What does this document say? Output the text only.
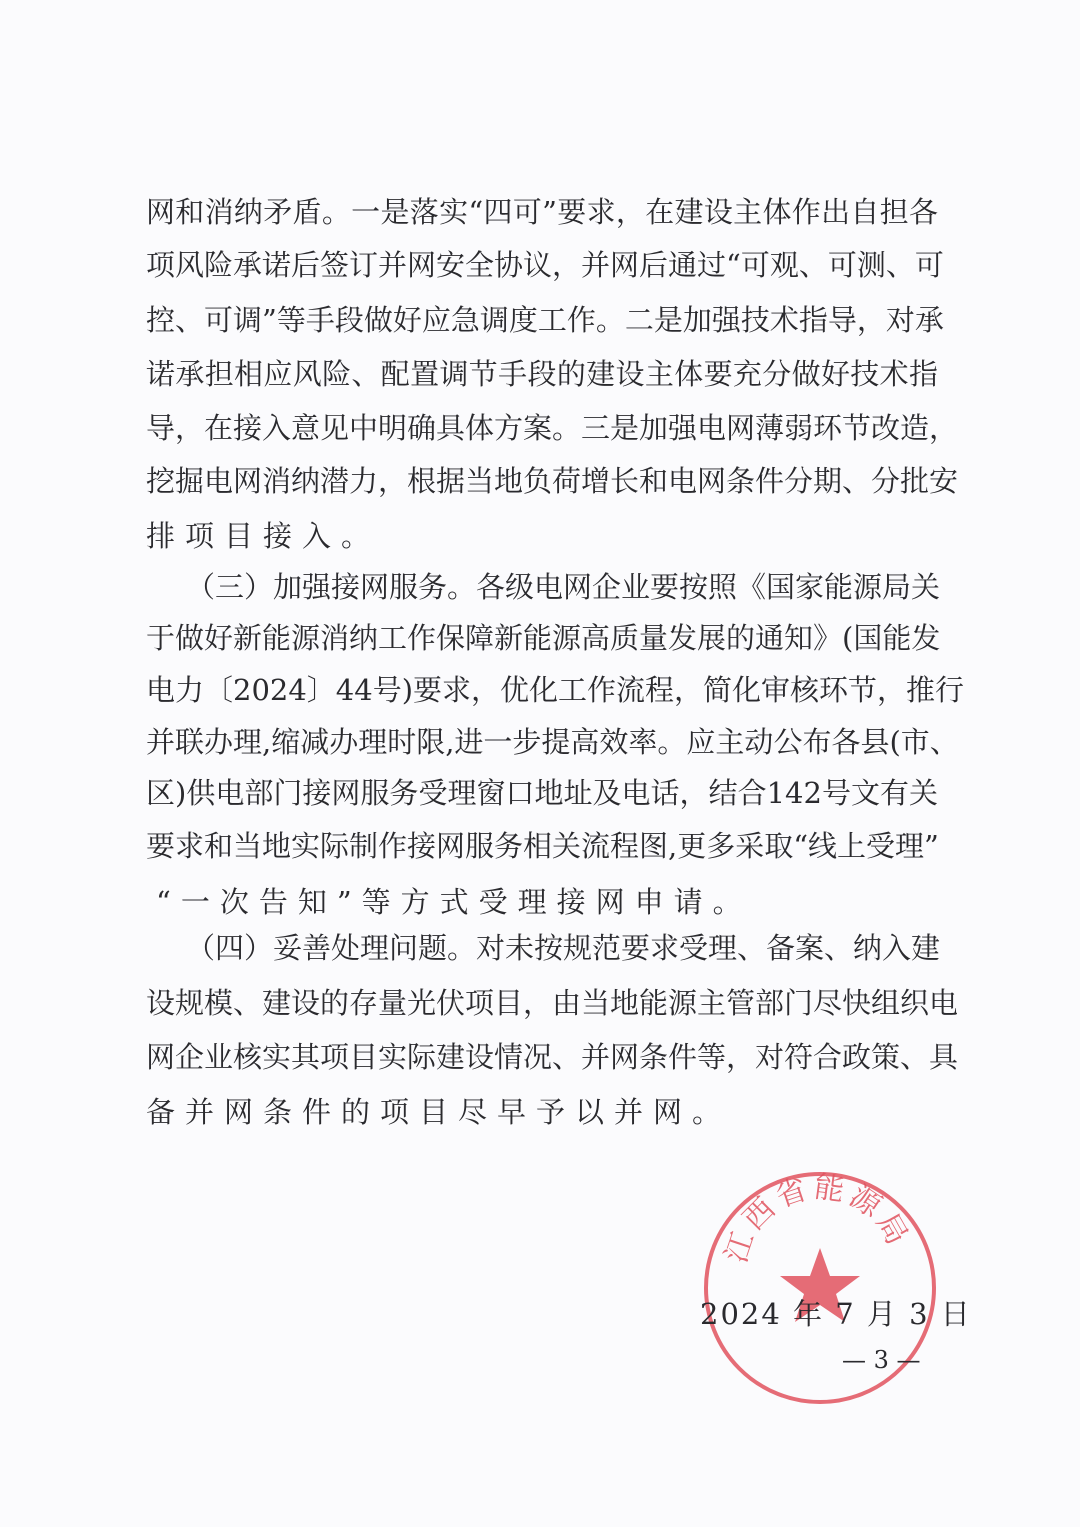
网和消纳矛盾。一是落实“四可”要求，在建设主体作出自担各
项风险承诺后签订并网安全协议，并网后通过“可观、可测、可
控、可调”等手段做好应急调度工作。二是加强技术指导，对承
诺承担相应风险、配置调节手段的建设主体要充分做好技术指
导，在接入意见中明确具体方案。三是加强电网薄弱环节改造，
挖掘电网消纳潜力，根据当地负荷增长和电网条件分期、分批安
排项目接入。
（三）加强接网服务。各级电网企业要按照《国家能源局关
于做好新能源消纳工作保障新能源高质量发展的通知》(国能发
电力〔2024〕44号)要求，优化工作流程，简化审核环节，推行
并联办理,缩减办理时限,进一步提高效率。应主动公布各县(市、
区)供电部门接网服务受理窗口地址及电话，结合142号文有关
要求和当地实际制作接网服务相关流程图,更多采取“线上受理”
“一次告知”等方式受理接网申请。
（四）妥善处理问题。对未按规范要求受理、备案、纳入建
设规模、建设的存量光伏项目，由当地能源主管部门尽快组织电
网企业核实其项目实际建设情况、并网条件等，对符合政策、具
备并网条件的项目尽早予以并网。
江西省能源局
2024 年 7 月 3 日
— 3 —
